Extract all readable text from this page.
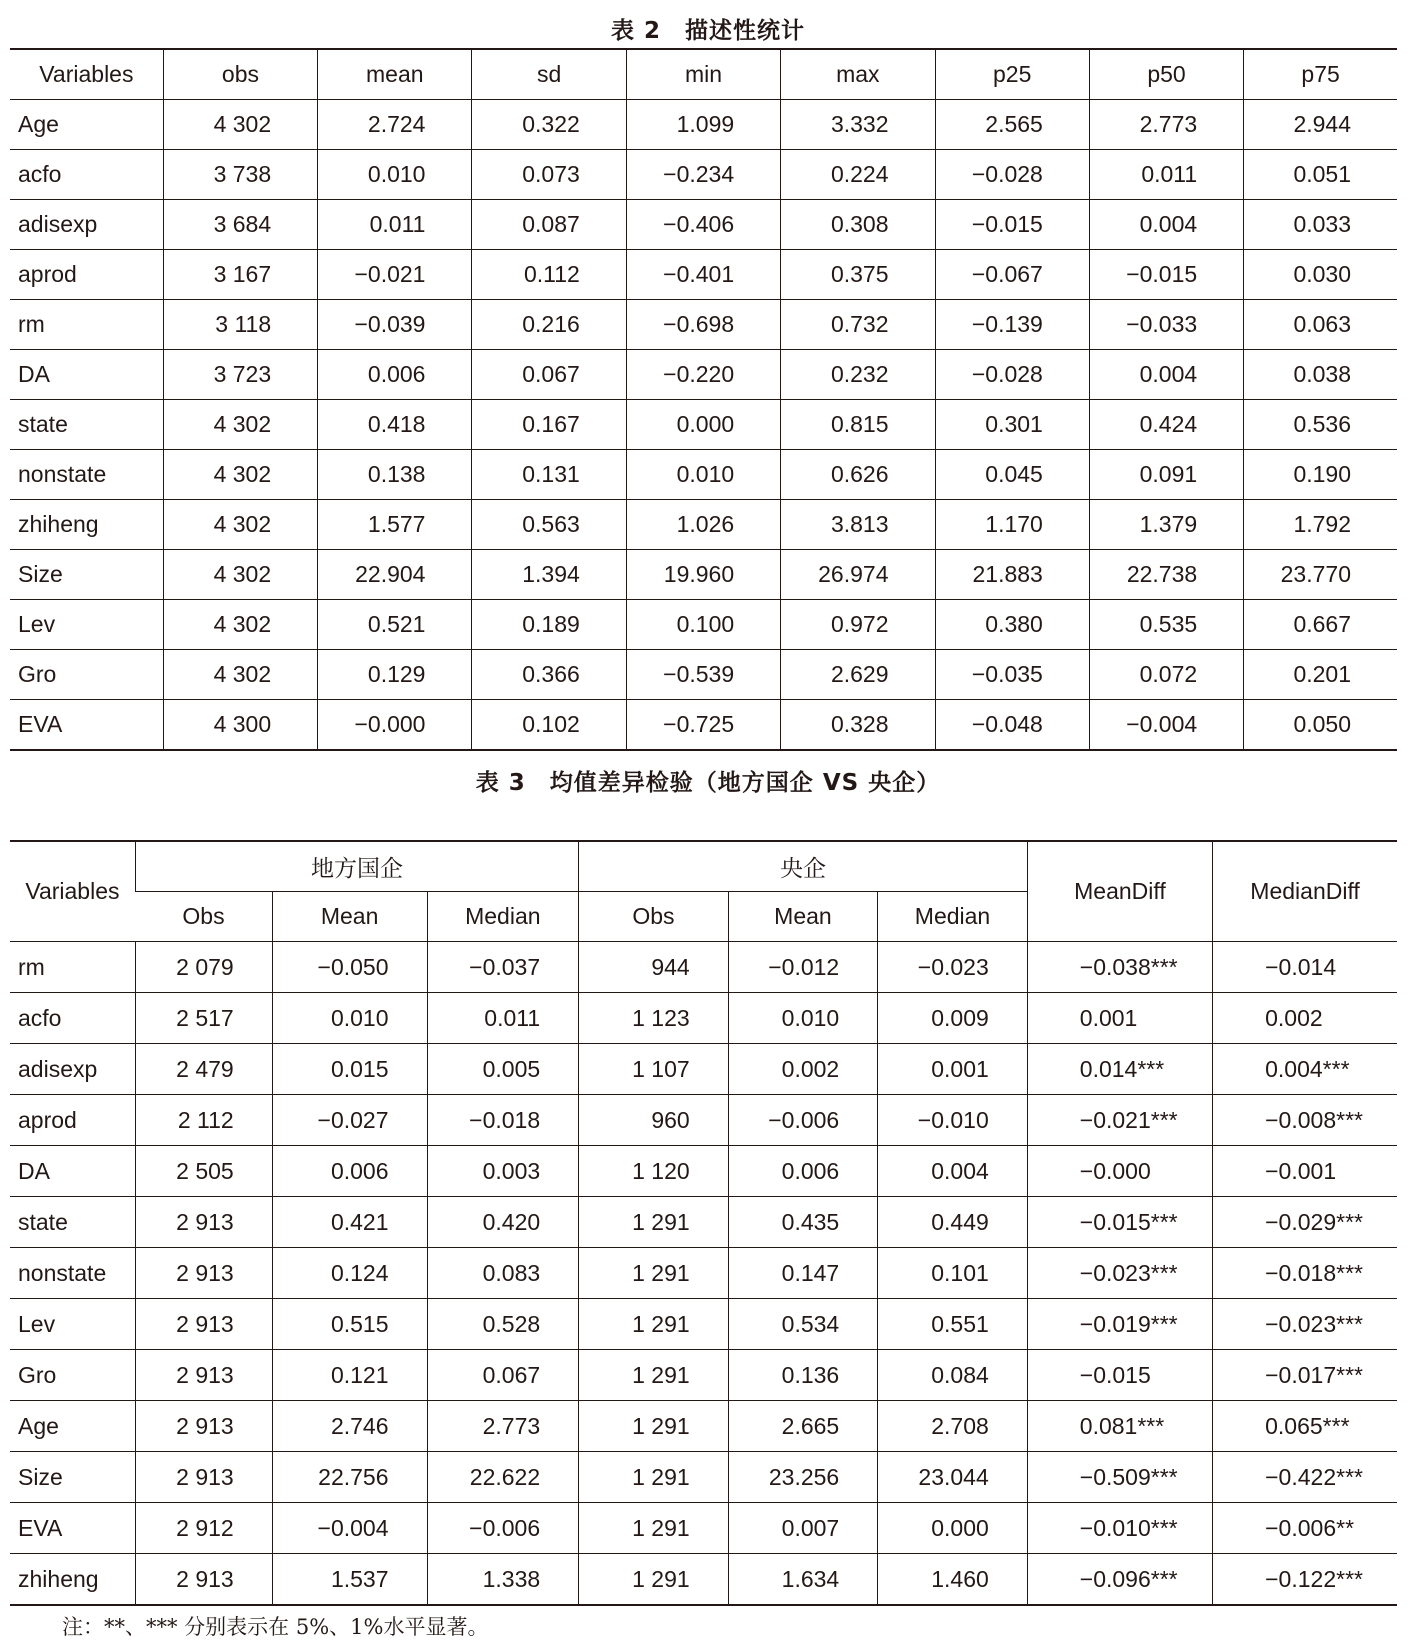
表 2　描述性统计
Variables	obs	mean	sd	min	max	p25	p50	p75
Age	4 302	2.724	0.322	1.099	3.332	2.565	2.773	2.944
acfo	3 738	0.010	0.073	−0.234	0.224	−0.028	0.011	0.051
adisexp	3 684	0.011	0.087	−0.406	0.308	−0.015	0.004	0.033
aprod	3 167	−0.021	0.112	−0.401	0.375	−0.067	−0.015	0.030
rm	3 118	−0.039	0.216	−0.698	0.732	−0.139	−0.033	0.063
DA	3 723	0.006	0.067	−0.220	0.232	−0.028	0.004	0.038
state	4 302	0.418	0.167	0.000	0.815	0.301	0.424	0.536
nonstate	4 302	0.138	0.131	0.010	0.626	0.045	0.091	0.190
zhiheng	4 302	1.577	0.563	1.026	3.813	1.170	1.379	1.792
Size	4 302	22.904	1.394	19.960	26.974	21.883	22.738	23.770
Lev	4 302	0.521	0.189	0.100	0.972	0.380	0.535	0.667
Gro	4 302	0.129	0.366	−0.539	2.629	−0.035	0.072	0.201
EVA	4 300	−0.000	0.102	−0.725	0.328	−0.048	−0.004	0.050
表 3　均值差异检验（地方国企 VS 央企）
Variables	地方国企			央企			MeanDiff	MedianDiff
	Obs	Mean	Median	Obs	Mean	Median		
rm	2 079	−0.050	−0.037	944	−0.012	−0.023	−0.038***	−0.014
acfo	2 517	0.010	0.011	1 123	0.010	0.009	0.001	0.002
adisexp	2 479	0.015	0.005	1 107	0.002	0.001	0.014***	0.004***
aprod	2 112	−0.027	−0.018	960	−0.006	−0.010	−0.021***	−0.008***
DA	2 505	0.006	0.003	1 120	0.006	0.004	−0.000	−0.001
state	2 913	0.421	0.420	1 291	0.435	0.449	−0.015***	−0.029***
nonstate	2 913	0.124	0.083	1 291	0.147	0.101	−0.023***	−0.018***
Lev	2 913	0.515	0.528	1 291	0.534	0.551	−0.019***	−0.023***
Gro	2 913	0.121	0.067	1 291	0.136	0.084	−0.015	−0.017***
Age	2 913	2.746	2.773	1 291	2.665	2.708	0.081***	0.065***
Size	2 913	22.756	22.622	1 291	23.256	23.044	−0.509***	−0.422***
EVA	2 912	−0.004	−0.006	1 291	0.007	0.000	−0.010***	−0.006**
zhiheng	2 913	1.537	1.338	1 291	1.634	1.460	−0.096***	−0.122***
注：**、*** 分别表示在 5%、1%水平显著。
